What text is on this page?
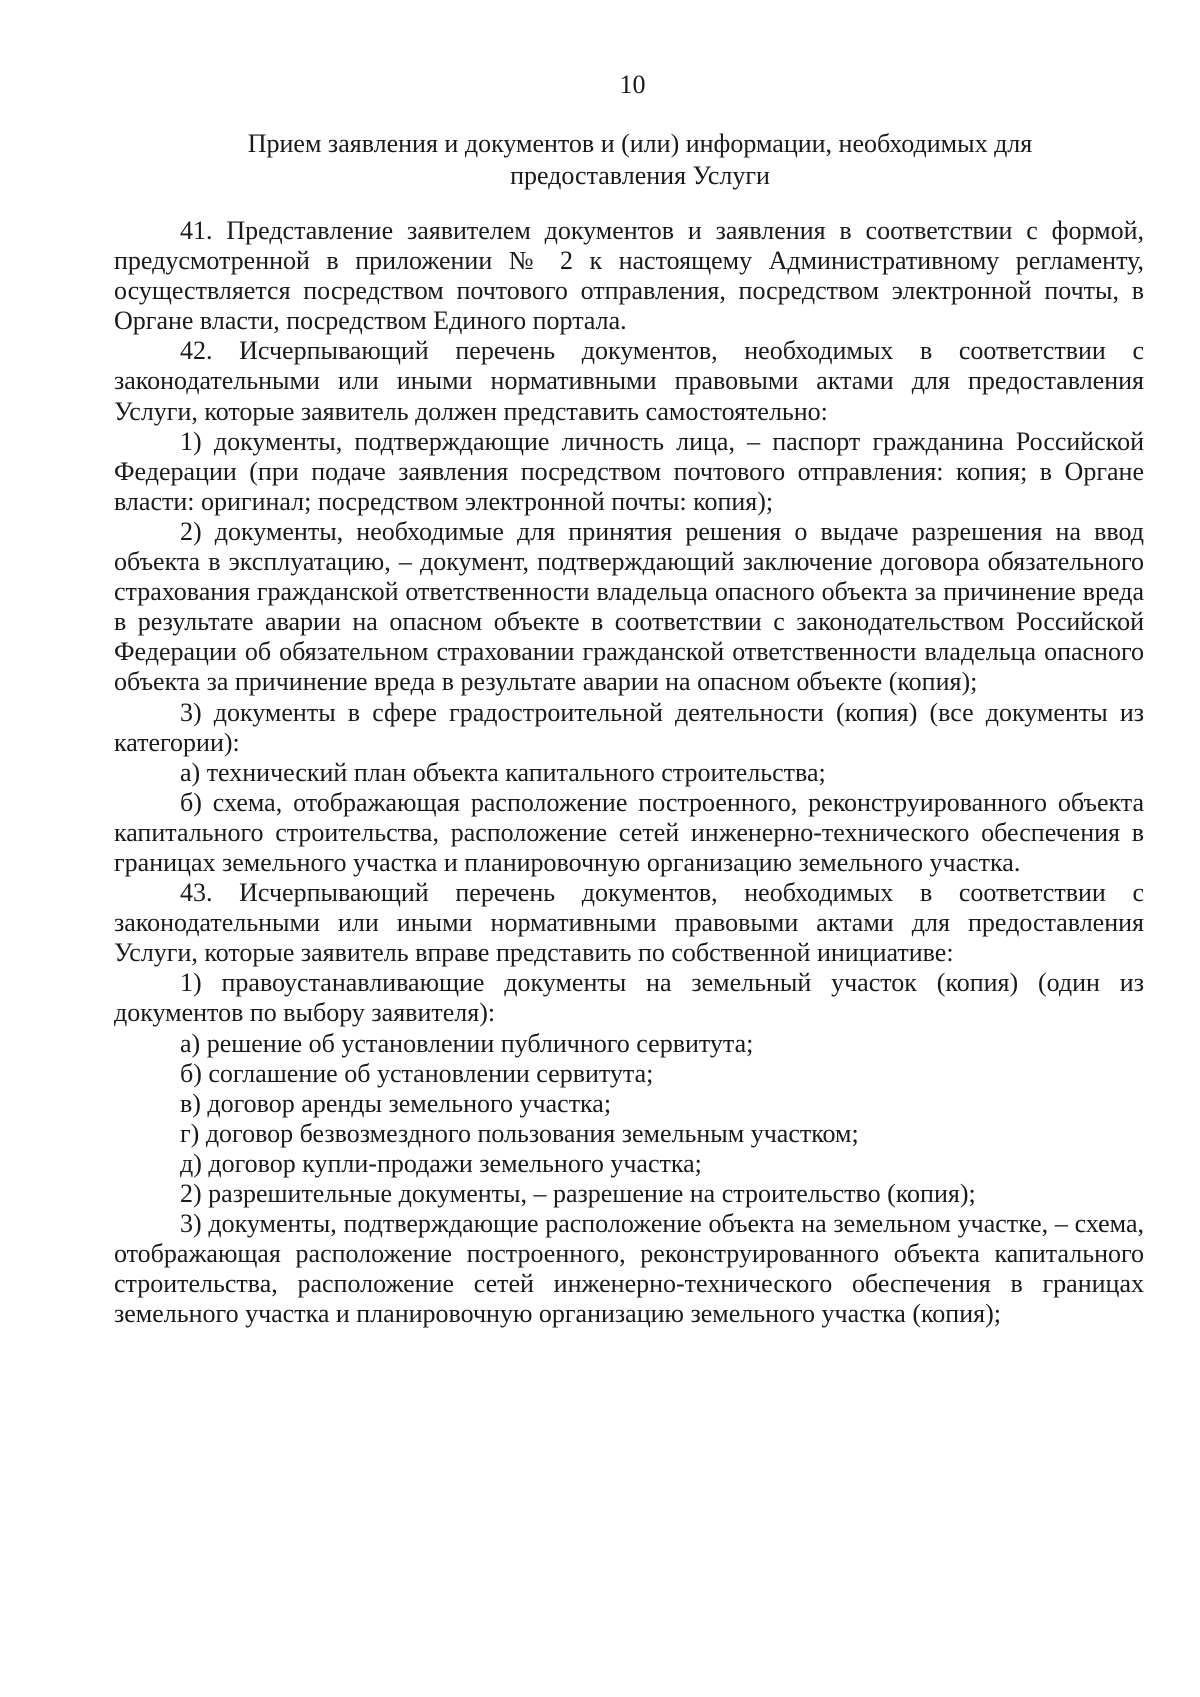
10
Прием заявления и документов и (или) информации, необходимых для
предоставления Услуги

41. Представление заявителем документов и заявления в соответствии с формой, предусмотренной в приложении № 2 к настоящему Административному регламенту, осуществляется посредством почтового отправления, посредством электронной почты, в Органе власти, посредством Единого портала.

42. Исчерпывающий перечень документов, необходимых в соответствии с законодательными или иными нормативными правовыми актами для предоставления Услуги, которые заявитель должен представить самостоятельно:

1) документы, подтверждающие личность лица, – паспорт гражданина Российской Федерации (при подаче заявления посредством почтового отправления: копия; в Органе власти: оригинал; посредством электронной почты: копия);

2) документы, необходимые для принятия решения о выдаче разрешения на ввод объекта в эксплуатацию, – документ, подтверждающий заключение договора обязательного страхования гражданской ответственности владельца опасного объекта за причинение вреда в результате аварии на опасном объекте в соответствии с законодательством Российской Федерации об обязательном страховании гражданской ответственности владельца опасного объекта за причинение вреда в результате аварии на опасном объекте (копия);

3) документы в сфере градостроительной деятельности (копия) (все документы из категории):

а) технический план объекта капитального строительства;

б) схема, отображающая расположение построенного, реконструированного объекта капитального строительства, расположение сетей инженерно-технического обеспечения в границах земельного участка и планировочную организацию земельного участка.

43. Исчерпывающий перечень документов, необходимых в соответствии с законодательными или иными нормативными правовыми актами для предоставления Услуги, которые заявитель вправе представить по собственной инициативе:

1) правоустанавливающие документы на земельный участок (копия) (один из документов по выбору заявителя):

а) решение об установлении публичного сервитута;

б) соглашение об установлении сервитута;

в) договор аренды земельного участка;

г) договор безвозмездного пользования земельным участком;

д) договор купли-продажи земельного участка;

2) разрешительные документы, – разрешение на строительство (копия);

3) документы, подтверждающие расположение объекта на земельном участке, – схема, отображающая расположение построенного, реконструированного объекта капитального строительства, расположение сетей инженерно-технического обеспечения в границах земельного участка и планировочную организацию земельного участка (копия);
